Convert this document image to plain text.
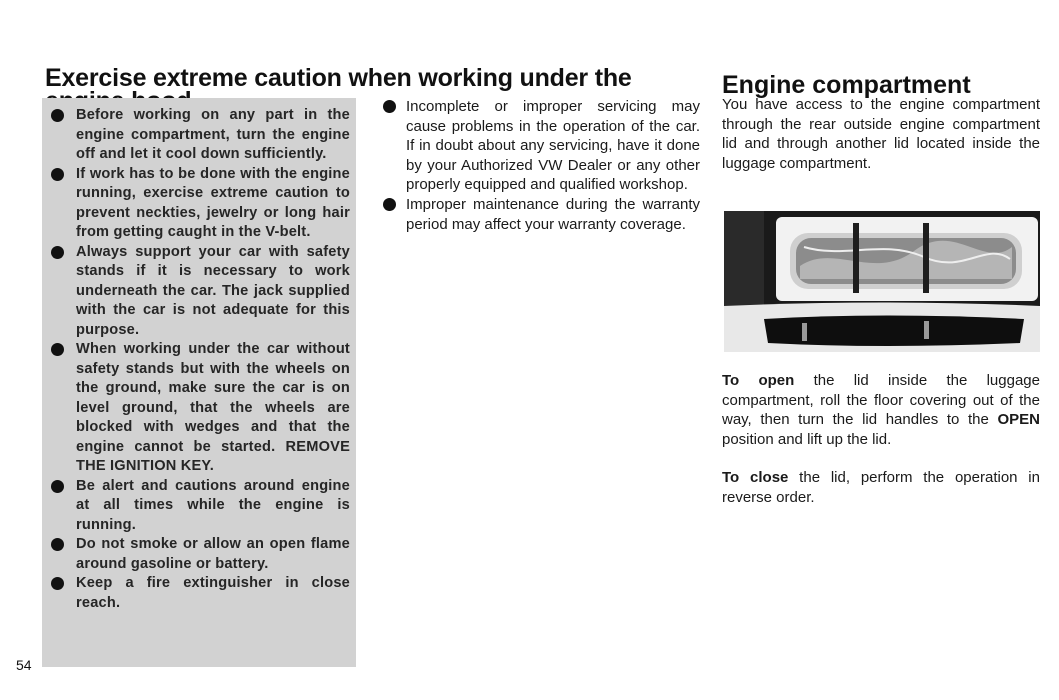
Exercise extreme caution when working under the
Before working on any part in the engine compartment, turn the engine off and let it cool down sufficiently.
If work has to be done with the engine running, exercise extreme caution to prevent neckties, jewelry or long hair from getting caught in the V-belt.
Always support your car with safety stands if it is necessary to work underneath the car. The jack supplied with the car is not adequate for this purpose.
When working under the car without safety stands but with the wheels on the ground, make sure the car is on level ground, that the wheels are blocked with wedges and that the engine cannot be started. REMOVE THE IGNITION KEY.
Be alert and cautions around engine at all times while the engine is running.
Do not smoke or allow an open flame around gasoline or battery.
Keep a fire extinguisher in close reach.
Incomplete or improper servicing may cause problems in the operation of the car. If in doubt about any servicing, have it done by your Authorized VW Dealer or any other properly equipped and qualified workshop.
Improper maintenance during the warranty period may affect your warranty coverage.
Engine compartment

You have access to the engine compartment through the rear outside engine compartment lid and through another lid located inside the luggage compartment.

To open the lid inside the luggage compartment, roll the floor covering out of the way, then turn the lid handles to the OPEN position and lift up the lid.

To close the lid, perform the operation in reverse order.

54
